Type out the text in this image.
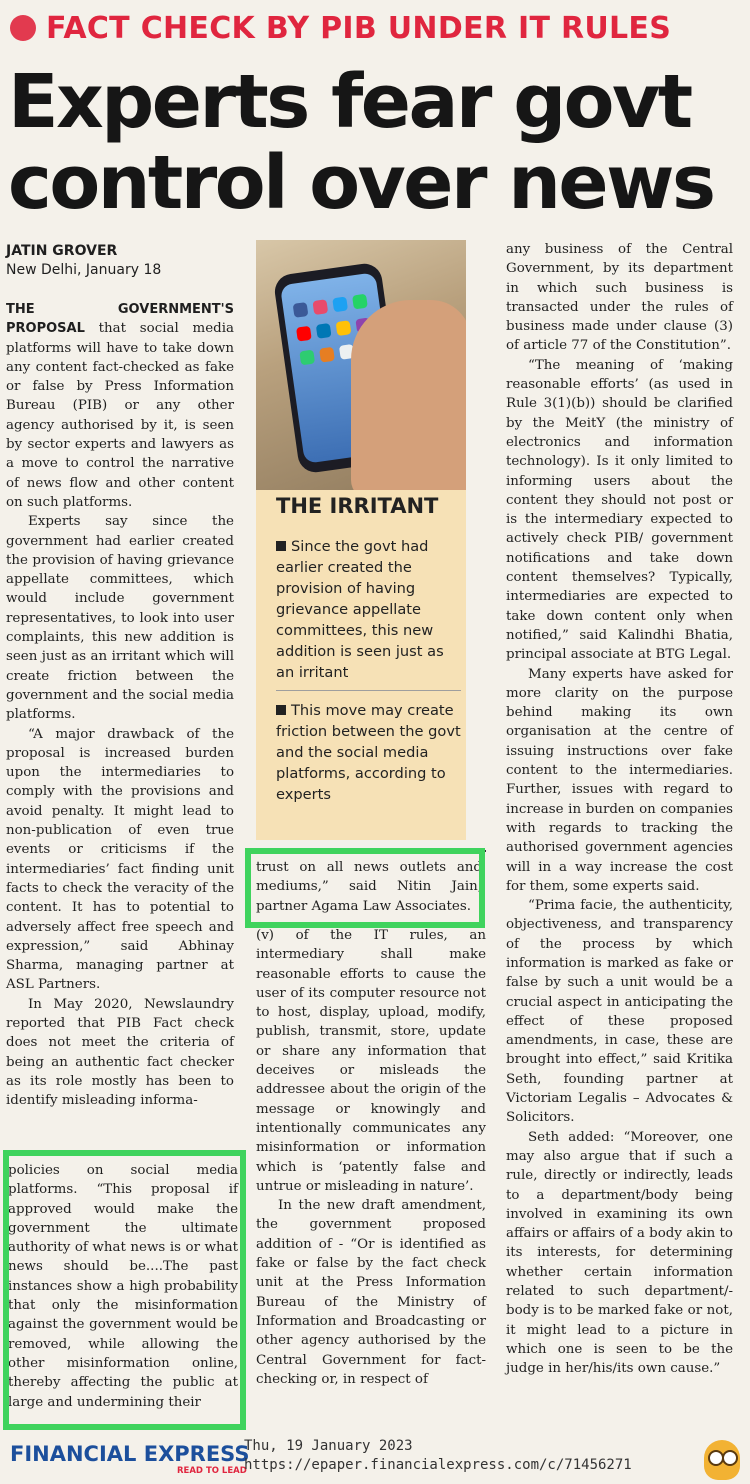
FACT CHECK BY PIB UNDER IT RULES
Experts fear govt control over news
JATIN GROVER
New Delhi, January 18

THE GOVERNMENT'S PROPOSAL that social media platforms will have to take down any content fact-checked as fake or false by Press Information Bureau (PIB) or any other agency authorised by it, is seen by sector experts and lawyers as a move to control the narrative of news flow and other content on such platforms.

Experts say since the government had earlier created the provision of having grievance appellate committees, which would include government representatives, to look into user complaints, this new addition is seen just as an irritant which will create friction between the government and the social media platforms.

“A major drawback of the proposal is increased burden upon the intermediaries to comply with the provisions and avoid penalty. It might lead to non-publication of even true events or criticisms if the intermediaries’ fact finding unit facts to check the veracity of the content. It has to potential to adversely affect free speech and expression,” said Abhinay Sharma, managing partner at ASL Partners.

In May 2020, Newslaundry reported that PIB Fact check does not meet the criteria of being an authentic fact checker as its role mostly has been to identify misleading informa-

THE IRRITANT
Since the govt had earlier created the provision of having grievance appellate committees, this new addition is seen just as an irritant
This move may create friction between the govt and the social media platforms, according to experts

trust on all news outlets and mediums,” said Nitin Jain, partner Agama Law Associates.

(v) of the IT rules, an intermediary shall make reasonable efforts to cause the user of its computer resource not to host, display, upload, modify, publish, transmit, store, update or share any information that deceives or misleads the addressee about the origin of the message or knowingly and intentionally communicates any misinformation or information which is ‘patently false and untrue or misleading in nature’.

In the new draft amendment, the government proposed addition of - “Or is identified as fake or false by the fact check unit at the Press Information Bureau of the Ministry of Information and Broadcasting or other agency authorised by the Central Government for fact-checking or, in respect of

policies on social media platforms. “This proposal if approved would make the government the ultimate authority of what news is or what news should be....The past instances show a high probability that only the misinformation against the government would be removed, while allowing the other misinformation online, thereby affecting the public at large and undermining their

any business of the Central Government, by its department in which such business is transacted under the rules of business made under clause (3) of article 77 of the Constitution”.

“The meaning of ‘making reasonable efforts’ (as used in Rule 3(1)(b)) should be clarified by the MeitY (the ministry of electronics and information technology). Is it only limited to informing users about the content they should not post or is the intermediary expected to actively check PIB/ government notifications and take down content themselves? Typically, intermediaries are expected to take down content only when notified,” said Kalindhi Bhatia, principal associate at BTG Legal.

Many experts have asked for more clarity on the purpose behind making its own organisation at the centre of issuing instructions over fake content to the intermediaries. Further, issues with regard to increase in burden on companies with regards to tracking the authorised government agencies will in a way increase the cost for them, some experts said.

“Prima facie, the authenticity, objectiveness, and transparency of the process by which information is marked as fake or false by such a unit would be a crucial aspect in anticipating the effect of these proposed amendments, in case, these are brought into effect,” said Kritika Seth, founding partner at Victoriam Legalis – Advocates & Solicitors.

Seth added: “Moreover, one may also argue that if such a rule, directly or indirectly, leads to a department/body being involved in examining its own affairs or affairs of a body akin to its interests, for determining whether certain information related to such department/-body is to be marked fake or not, it might lead to a picture in which one is seen to be the judge in her/his/its own cause.”

FINANCIAL EXPRESS
READ TO LEAD
Thu, 19 January 2023
https://epaper.financialexpress.com/c/71456271
